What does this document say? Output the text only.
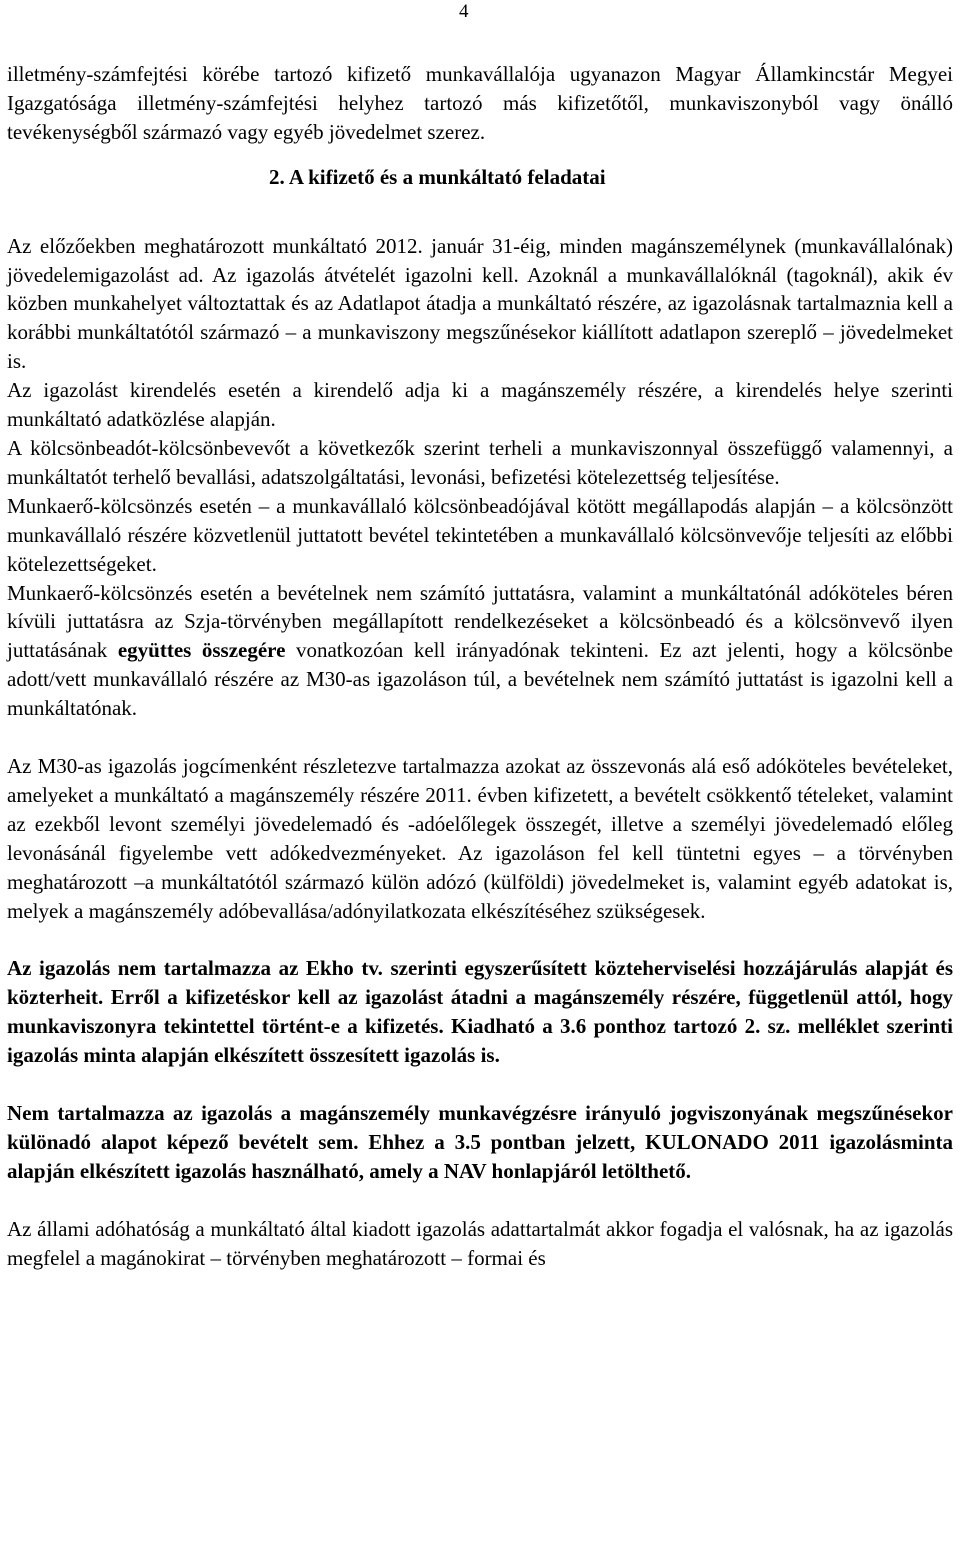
4

illetmény-számfejtési körébe tartozó kifizető munkavállalója ugyanazon Magyar Államkincstár Megyei Igazgatósága illetmény-számfejtési helyhez tartozó más kifizetőtől, munkaviszonyból vagy önálló tevékenységből származó vagy egyéb jövedelmet szerez.

2. A kifizető és a munkáltató feladatai

Az előzőekben meghatározott munkáltató 2012. január 31-éig, minden magánszemélynek (munkavállalónak) jövedelemigazolást ad. Az igazolás átvételét igazolni kell. Azoknál a munkavállalóknál (tagoknál), akik év közben munkahelyet változtattak és az Adatlapot átadja a munkáltató részére, az igazolásnak tartalmaznia kell a korábbi munkáltatótól származó – a munkaviszony megszűnésekor kiállított adatlapon szereplő – jövedelmeket is.

Az igazolást kirendelés esetén a kirendelő adja ki a magánszemély részére, a kirendelés helye szerinti munkáltató adatközlése alapján.

A kölcsönbeadót-kölcsönbevevőt a következők szerint terheli a munkaviszonnyal összefüggő valamennyi, a munkáltatót terhelő bevallási, adatszolgáltatási, levonási, befizetési kötelezettség teljesítése.

Munkaerő-kölcsönzés esetén – a munkavállaló kölcsönbeadójával kötött megállapodás alapján – a kölcsönzött munkavállaló részére közvetlenül juttatott bevétel tekintetében a munkavállaló kölcsönvevője teljesíti az előbbi kötelezettségeket.

Munkaerő-kölcsönzés esetén a bevételnek nem számító juttatásra, valamint a munkáltatónál adóköteles béren kívüli juttatásra az Szja-törvényben megállapított rendelkezéseket a kölcsönbeadó és a kölcsönvevő ilyen juttatásának együttes összegére vonatkozóan kell irányadónak tekinteni. Ez azt jelenti, hogy a kölcsönbe adott/vett munkavállaló részére az M30-as igazoláson túl, a bevételnek nem számító juttatást is igazolni kell a munkáltatónak.

Az M30-as igazolás jogcímenként részletezve tartalmazza azokat az összevonás alá eső adóköteles bevételeket, amelyeket a munkáltató a magánszemély részére 2011. évben kifizetett, a bevételt csökkentő tételeket, valamint az ezekből levont személyi jövedelemadó és -adóelőlegek összegét, illetve a személyi jövedelemadó előleg levonásánál figyelembe vett adókedvezményeket. Az igazoláson fel kell tüntetni egyes – a törvényben meghatározott –a munkáltatótól származó külön adózó (külföldi) jövedelmeket is, valamint egyéb adatokat is, melyek a magánszemély adóbevallása/adónyilatkozata elkészítéséhez szükségesek.

Az igazolás nem tartalmazza az Ekho tv. szerinti egyszerűsített közteherviselési hozzájárulás alapját és közterheit. Erről a kifizetéskor kell az igazolást átadni a magánszemély részére, függetlenül attól, hogy munkaviszonyra tekintettel történt-e a kifizetés. Kiadható a 3.6 ponthoz tartozó 2. sz. melléklet szerinti igazolás minta alapján elkészített összesített igazolás is.

Nem tartalmazza az igazolás a magánszemély munkavégzésre irányuló jogviszonyának megszűnésekor különadó alapot képező bevételt sem. Ehhez a 3.5 pontban jelzett, KULONADO 2011 igazolásminta alapján elkészített igazolás használható, amely a NAV honlapjáról letölthető.

Az állami adóhatóság a munkáltató által kiadott igazolás adattartalmát akkor fogadja el valósnak, ha az igazolás megfelel a magánokirat – törvényben meghatározott – formai és
